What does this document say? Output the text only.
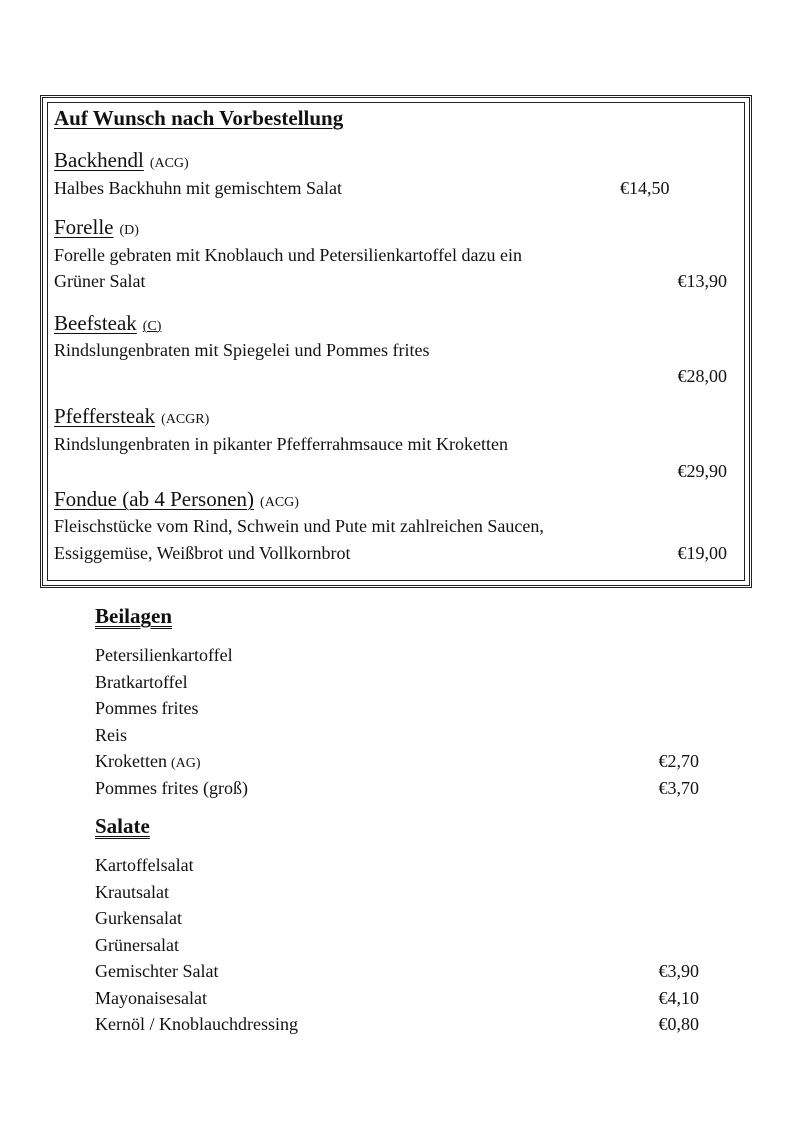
Auf Wunsch nach Vorbestellung
Backhendl (ACG)
Halbes Backhuhn mit gemischtem Salat	€14,50
Forelle (D)
Forelle gebraten mit Knoblauch und Petersilienkartoffel dazu ein
Grüner Salat	€13,90
Beefsteak (C)
Rindslungenbraten mit Spiegelei und Pommes frites
€28,00
Pfeffersteak (ACGR)
Rindslungenbraten in pikanter Pfefferrahmsauce mit Kroketten
€29,90
Fondue (ab 4 Personen) (ACG)
Fleischstücke vom Rind, Schwein und Pute mit zahlreichen Saucen,
Essiggemüse, Weißbrot und Vollkornbrot	€19,00
Beilagen
Petersilienkartoffel
Bratkartoffel
Pommes frites
Reis
Kroketten (AG)	€2,70
Pommes frites (groß)	€3,70
Salate
Kartoffelsalat
Krautsalat
Gurkensalat
Grünersalat
Gemischter Salat	€3,90
Mayonaisesalat	€4,10
Kernöl / Knoblauchdressing	€0,80
